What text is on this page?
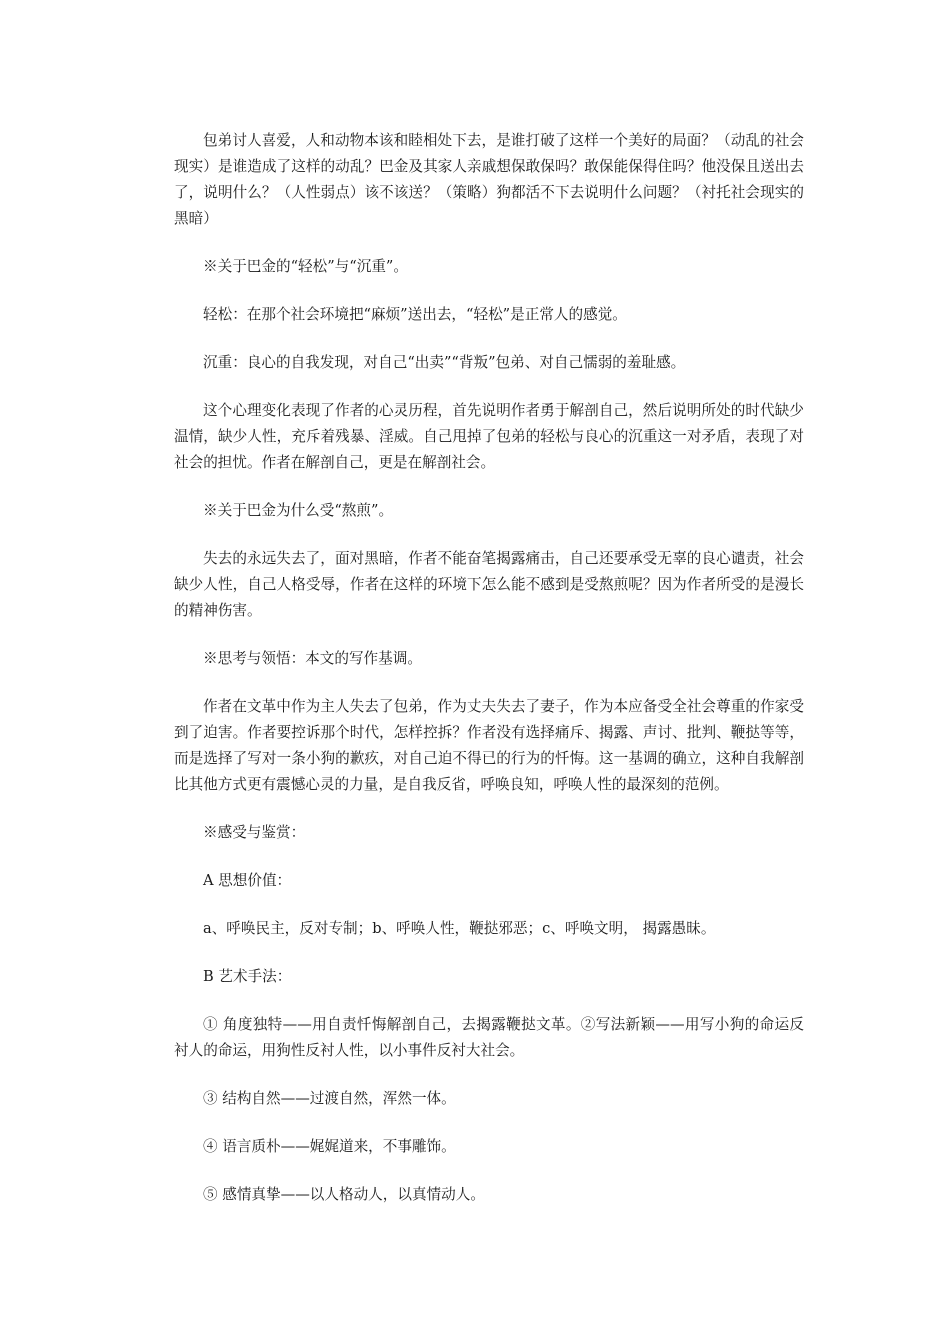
包弟讨人喜爱，人和动物本该和睦相处下去，是谁打破了这样一个美好的局面？（动乱的社会现实）是谁造成了这样的动乱？巴金及其家人亲戚想保敢保吗？敢保能保得住吗？他没保且送出去了，说明什么？（人性弱点）该不该送？（策略）狗都活不下去说明什么问题？（衬托社会现实的黑暗）

※关于巴金的“轻松”与“沉重”。

轻松：在那个社会环境把“麻烦”送出去，“轻松”是正常人的感觉。

沉重：良心的自我发现，对自己“出卖”“背叛”包弟、对自己懦弱的羞耻感。

这个心理变化表现了作者的心灵历程，首先说明作者勇于解剖自己，然后说明所处的时代缺少温情，缺少人性，充斥着残暴、淫威。自己甩掉了包弟的轻松与良心的沉重这一对矛盾，表现了对社会的担忧。作者在解剖自己，更是在解剖社会。

※关于巴金为什么受“熬煎”。

失去的永远失去了，面对黑暗，作者不能奋笔揭露痛击，自己还要承受无辜的良心谴责，社会缺少人性，自己人格受辱，作者在这样的环境下怎么能不感到是受熬煎呢？因为作者所受的是漫长的精神伤害。

※思考与领悟：本文的写作基调。

作者在文革中作为主人失去了包弟，作为丈夫失去了妻子，作为本应备受全社会尊重的作家受到了迫害。作者要控诉那个时代，怎样控拆？作者没有选择痛斥、揭露、声讨、批判、鞭挞等等，而是选择了写对一条小狗的歉疚，对自己迫不得已的行为的忏悔。这一基调的确立，这种自我解剖比其他方式更有震憾心灵的力量，是自我反省，呼唤良知，呼唤人性的最深刻的范例。

※感受与鉴赏：

A 思想价值：

a、呼唤民主，反对专制；b、呼唤人性，鞭挞邪恶；c、呼唤文明， 揭露愚昧。

B 艺术手法：

① 角度独特——用自责忏悔解剖自己，去揭露鞭挞文革。②写法新颖——用写小狗的命运反衬人的命运，用狗性反衬人性，以小事件反衬大社会。

③ 结构自然——过渡自然，浑然一体。

④ 语言质朴——娓娓道来，不事雕饰。

⑤ 感情真挚——以人格动人，以真情动人。
